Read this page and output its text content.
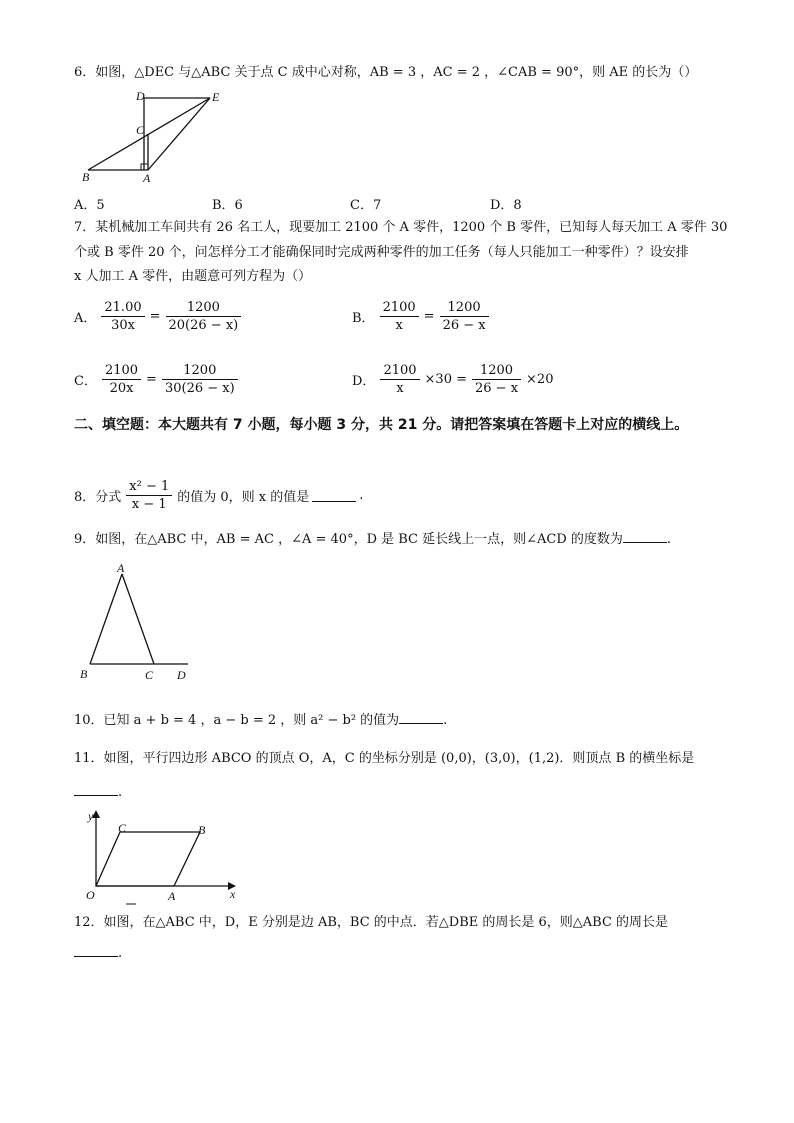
6．如图，△DEC 与△ABC 关于点 C 成中心对称，AB = 3 ，AC = 2 ，∠CAB = 90°，则 AE 的长为（）
D	E
C
B	A
A．5	B．6	C．7	D．8
7．某机械加工车间共有 26 名工人，现要加工 2100 个 A 零件，1200 个 B 零件，已知每人每天加工 A 零件 30
个或 B 零件 20 个，问怎样分工才能确保同时完成两种零件的加工任务（每人只能加工一种零件）？设安排
x 人加工 A 零件，由题意可列方程为（）
A． $\frac{21.00}{30x} = \frac{1200}{20(26 - x)}$	B． $\frac{2100}{x} = \frac{1200}{26 - x}$
C． $\frac{2100}{20x} = \frac{1200}{30(26 - x)}$	D． $\frac{2100}{x} \times 30 = \frac{1200}{26 - x} \times 20$
二、填空题：本大题共有 7 小题，每小题 3 分，共 21 分。请把答案填在答题卡上对应的横线上。
8．分式 $\frac{\text{x² − 1}}{x - 1}$ 的值为 0，则 x 的值是	.
9．如图，在△ABC 中，AB = AC ，∠A = 40°，D 是 BC 延长线上一点，则∠ACD 的度数为	.
A
B	C D
10．已知 a + b = 4 ，a − b = 2 ，则 a² − b² 的值为	.
11．如图，平行四边形 ABCO 的顶点 O，A，C 的坐标分别是 (0,0)，(3,0)，(1,2)．则顶点 B 的横坐标是
.
y
x
O	A
B
C
12．如图，在△ABC 中，D，E 分别是边 AB，BC 的中点．若△DBE 的周长是 6，则△ABC 的周长是
.
